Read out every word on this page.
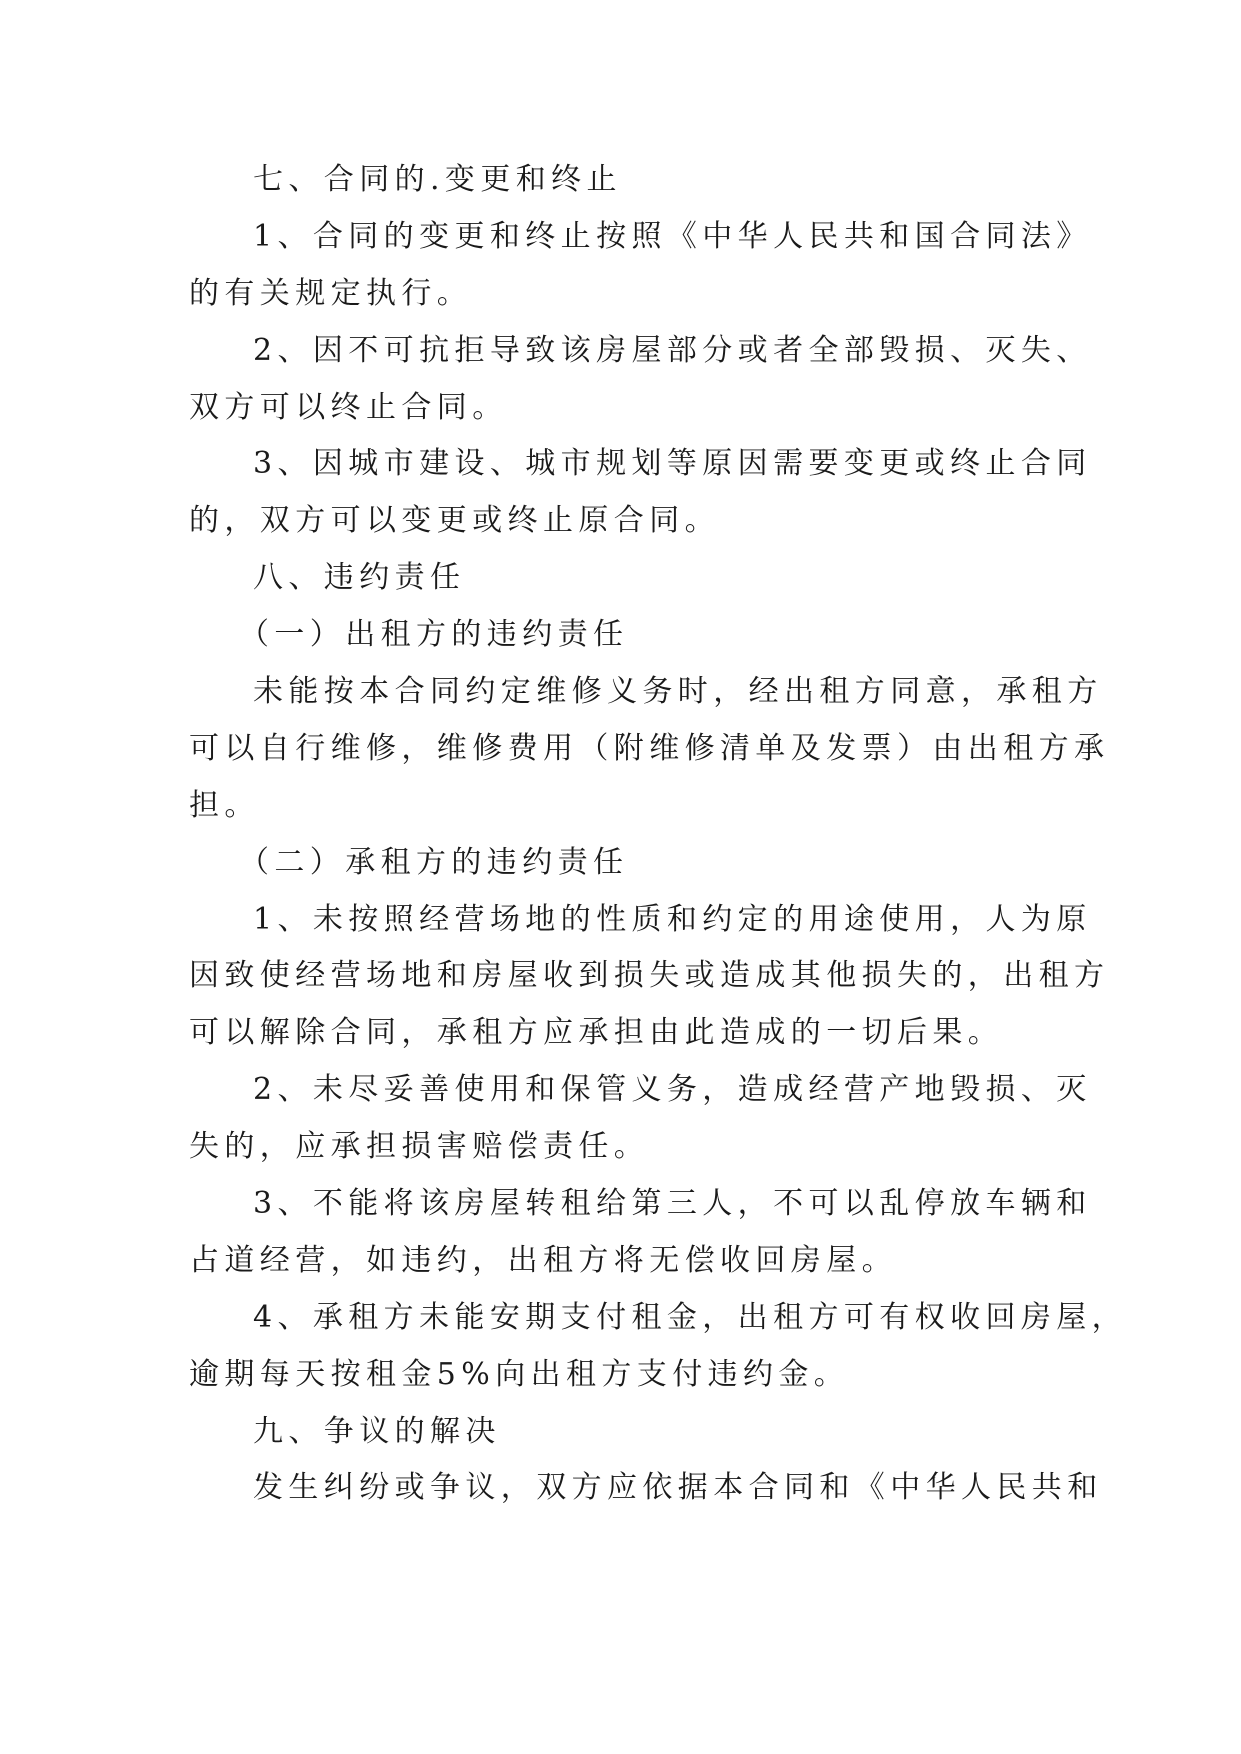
七、合同的.变更和终止
1、合同的变更和终止按照《中华人民共和国合同法》
的有关规定执行。
2、因不可抗拒导致该房屋部分或者全部毁损、灭失、
双方可以终止合同。
3、因城市建设、城市规划等原因需要变更或终止合同
的，双方可以变更或终止原合同。
八、违约责任
（一）出租方的违约责任
未能按本合同约定维修义务时，经出租方同意，承租方
可以自行维修，维修费用（附维修清单及发票）由出租方承
担。
（二）承租方的违约责任
1、未按照经营场地的性质和约定的用途使用，人为原
因致使经营场地和房屋收到损失或造成其他损失的，出租方
可以解除合同，承租方应承担由此造成的一切后果。
2、未尽妥善使用和保管义务，造成经营产地毁损、灭
失的，应承担损害赔偿责任。
3、不能将该房屋转租给第三人，不可以乱停放车辆和
占道经营，如违约，出租方将无偿收回房屋。
4、承租方未能安期支付租金，出租方可有权收回房屋，
逾期每天按租金5%向出租方支付违约金。
九、争议的解决
发生纠纷或争议，双方应依据本合同和《中华人民共和
